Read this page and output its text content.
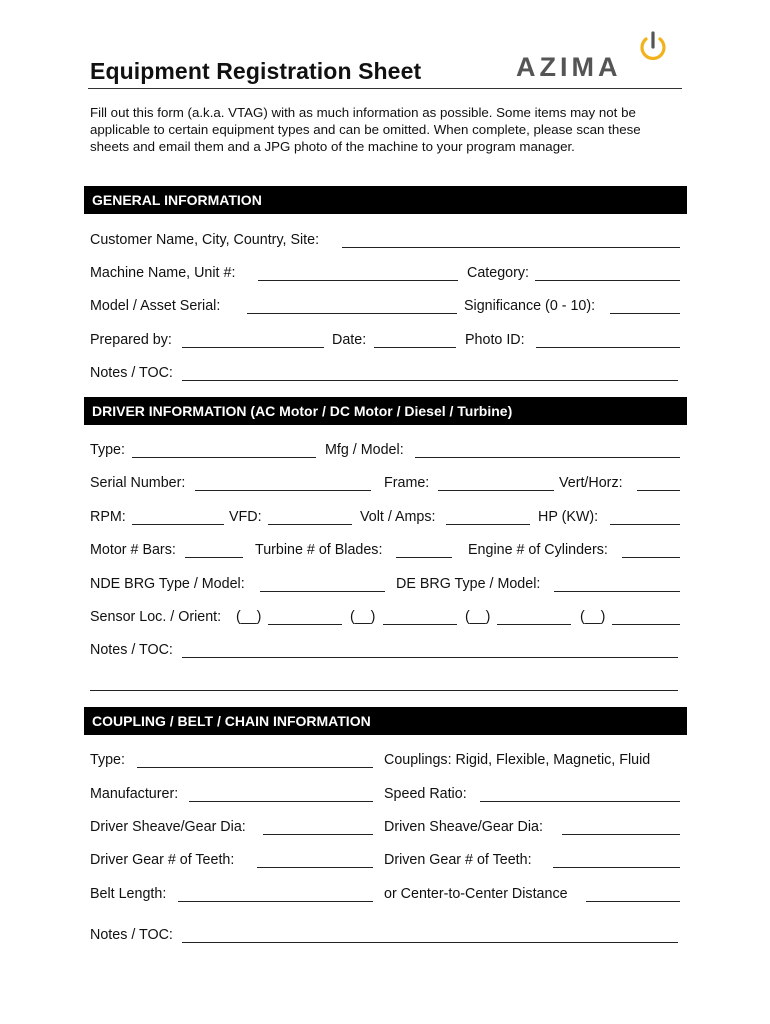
Equipment Registration Sheet	AZIMA
Fill out this form (a.k.a. VTAG) with as much information as possible. Some items may not be applicable to certain equipment types and can be omitted. When complete, please scan these sheets and email them and a JPG photo of the machine to your program manager.
GENERAL INFORMATION
Customer Name, City, Country, Site:
Machine Name, Unit #:	Category:
Model / Asset Serial:	Significance (0 - 10):
Prepared by:	Date:	Photo ID:
Notes / TOC:
DRIVER INFORMATION (AC Motor / DC Motor / Diesel / Turbine)
Type:	Mfg / Model:
Serial Number:	Frame:	Vert/Horz:
RPM:	VFD:	Volt / Amps:	HP (KW):
Motor # Bars:	Turbine # of Blades:	Engine # of Cylinders:
NDE BRG Type / Model:	DE BRG Type / Model:
Sensor Loc. / Orient: (__)	(__)	(__)	(__)
Notes / TOC:
COUPLING / BELT / CHAIN INFORMATION
Type:	Couplings: Rigid, Flexible, Magnetic, Fluid
Manufacturer:	Speed Ratio:
Driver Sheave/Gear Dia:	Driven Sheave/Gear Dia:
Driver Gear # of Teeth:	Driven Gear # of Teeth:
Belt Length:	or Center-to-Center Distance
Notes / TOC:
